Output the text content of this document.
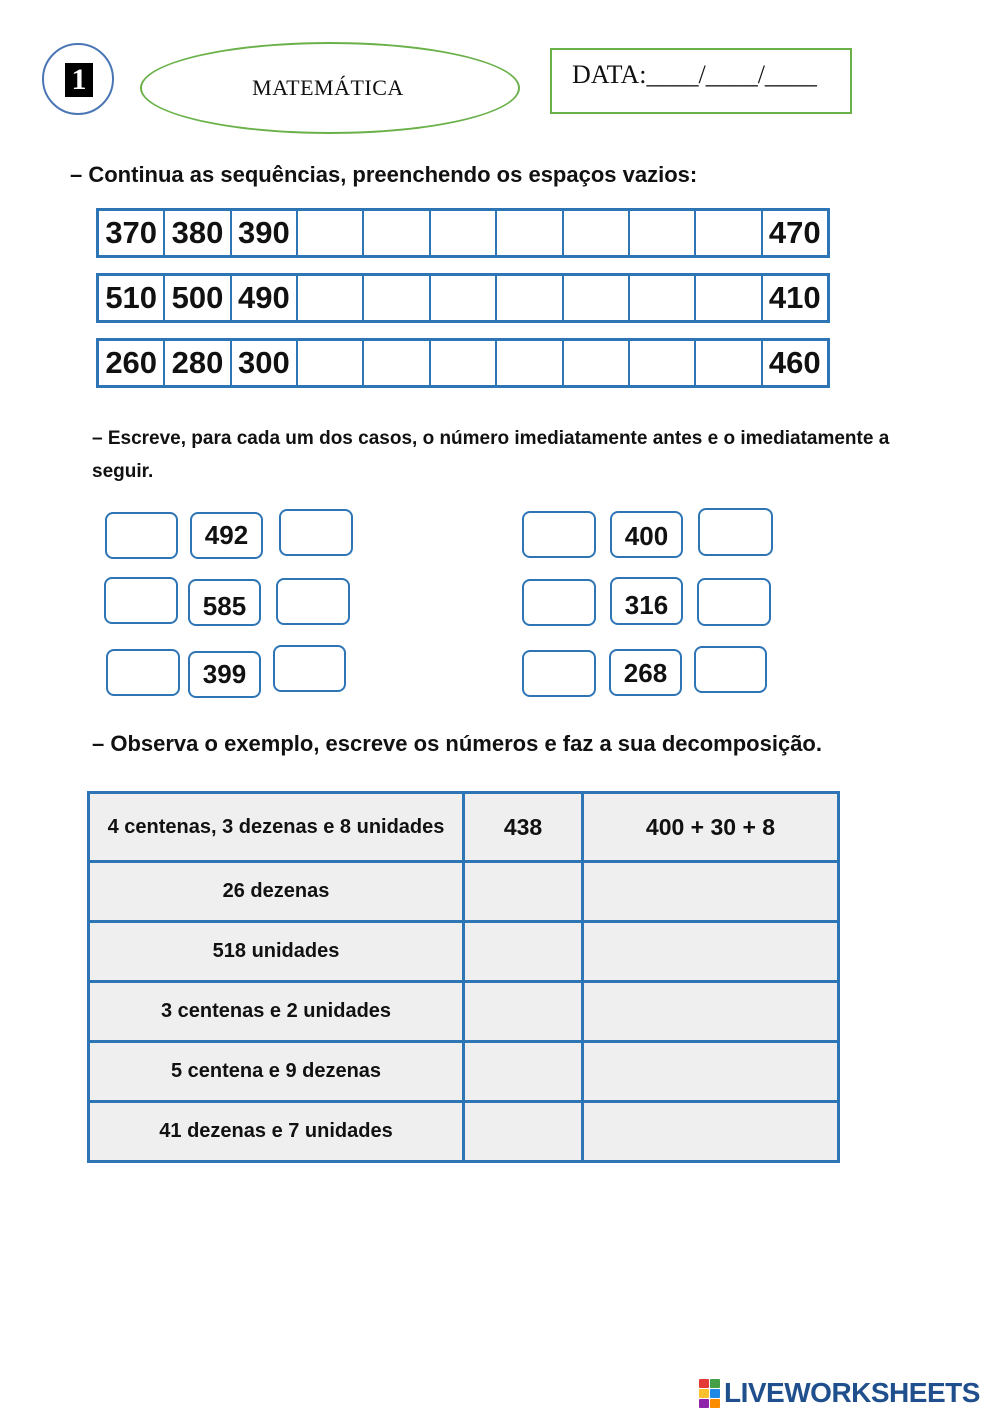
1	MATEMÁTICA	DATA:____/____/____
– Continua as sequências, preenchendo os espaços vazios:
370 380 390	470
510 500 490	410
260 280 300	460
– Escreve, para cada um dos casos, o número imediatamente antes e o imediatamente a
seguir.
492
585
399
400
316
268
– Observa o exemplo, escreve os números e faz a sua decomposição.
4 centenas, 3 dezenas e 8 unidades	438	400 + 30 + 8
26 dezenas		
518 unidades		
3 centenas e 2 unidades		
5 centena e 9 dezenas		
41 dezenas e 7 unidades		
LIVEWORKSHEETS
